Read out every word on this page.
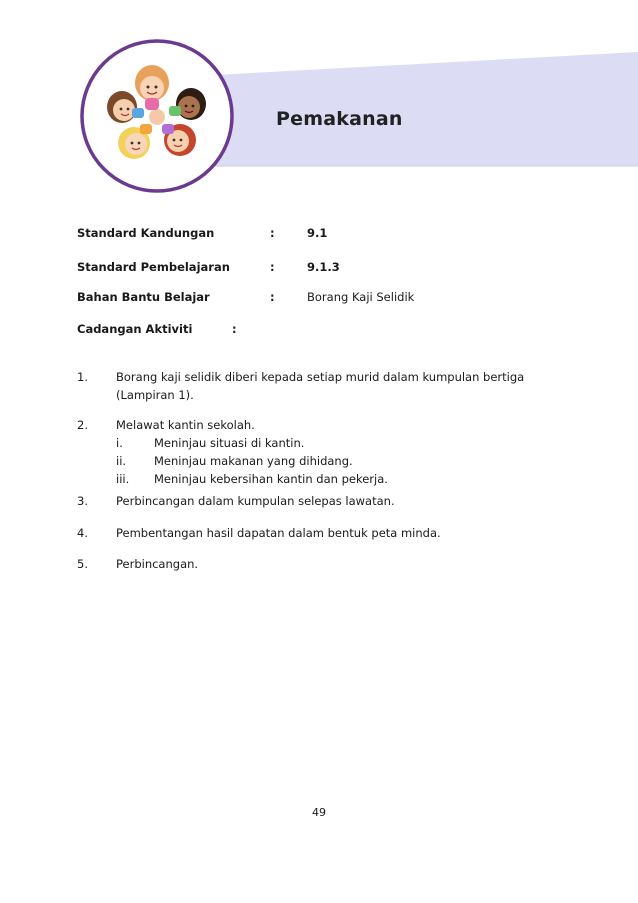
Pemakanan
Standard Kandungan	:	9.1
Standard Pembelajaran	:	9.1.3
Bahan Bantu Belajar	:	Borang Kaji Selidik
Cadangan Aktiviti	:
1. Borang kaji selidik diberi kepada setiap murid dalam kumpulan bertiga
(Lampiran 1).
2. Melawat kantin sekolah.
i.	Meninjau situasi di kantin.
ii. Meninjau makanan yang dihidang.
iii. Meninjau kebersihan kantin dan pekerja.
3. Perbincangan dalam kumpulan selepas lawatan.
4. Pembentangan hasil dapatan dalam bentuk peta minda.
5. Perbincangan.
49
